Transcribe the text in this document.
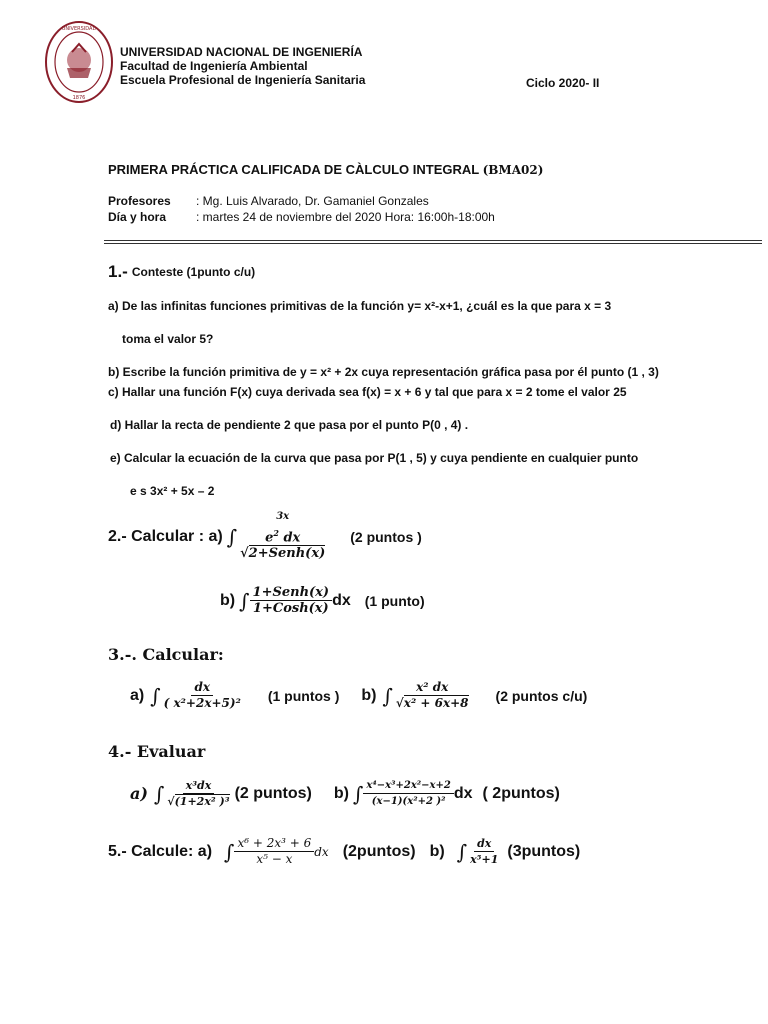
UNIVERSIDAD
1876
UNIVERSIDAD NACIONAL DE INGENIERÍA
Facultad de Ingeniería Ambiental
Escuela Profesional de Ingeniería Sanitaria	Ciclo 2020- II
PRIMERA PRÁCTICA CALIFICADA DE CÀLCULO INTEGRAL (BMA02)
Profesores	: Mg. Luis Alvarado, Dr. Gamaniel Gonzales
Día y hora	: martes 24 de noviembre del 2020 Hora: 16:00h-18:00h
1.- Conteste (1punto c/u)
a) De las infinitas funciones primitivas de la función y= x²-x+1, ¿cuál es la que para x = 3
toma el valor 5?
b) Escribe la función primitiva de y = x² + 2x cuya representación gráfica pasa por él punto (1 , 3)
c) Hallar una función F(x) cuya derivada sea f(x) = x + 6 y tal que para x = 2 tome el valor 25
d) Hallar la recta de pendiente 2 que pasa por el punto P(0 , 4) .
e) Calcular la ecuación de la curva que pasa por P(1 , 5) y cuya pendiente en cualquier punto
e s 3x² + 5x – 2
2.- Calcular : a) ∫ 3x
$e^2$ dx
√2+Senh(x) (2 puntos )
b) ∫ $\frac{\text{1+Senh(x)}}{\text{1+Cosh(x)}}$ dx (1 punto)
3.-. Calcular:
a) ∫ $\frac{dx}{\text{( x²+2x+5)²}} (1$ puntos ) b) ∫ $\frac{\text{x² dx}}{\text{√x² + 6x+8}} (2$ puntos c/u)
4.- Evaluar
a) ∫ $\frac{\text{x³dx}}{\text{√(1+2x² )³}} (2$ puntos) b) ∫ $\frac{\text{x⁴−x³+2x²−x+2}}{\text{(x−1)(x²+2 )²}}$ dx ( 2puntos)
5.- Calcule: a) ∫ $\frac{\text{x⁶ + 2x³ + 6}}{\text{x⁵ − x}}$ dx (2puntos) b) ∫ $\frac{dx}{\text{x⁵+1}}$ (3puntos)
